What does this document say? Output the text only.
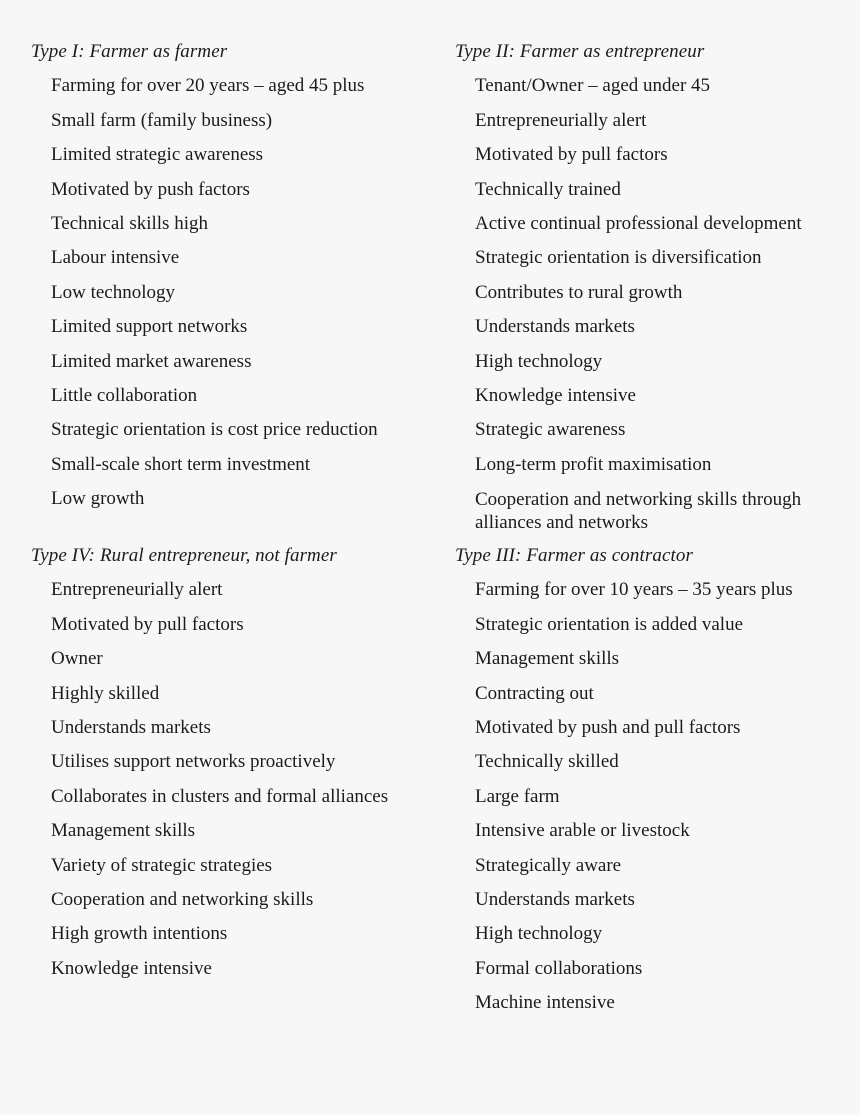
Type I: Farmer as farmer
Farming for over 20 years – aged 45 plus
Small farm (family business)
Limited strategic awareness
Motivated by push factors
Technical skills high
Labour intensive
Low technology
Limited support networks
Limited market awareness
Little collaboration
Strategic orientation is cost price reduction
Small-scale short term investment
Low growth
Type II: Farmer as entrepreneur
Tenant/Owner – aged under 45
Entrepreneurially alert
Motivated by pull factors
Technically trained
Active continual professional development
Strategic orientation is diversification
Contributes to rural growth
Understands markets
High technology
Knowledge intensive
Strategic awareness
Long-term profit maximisation
Cooperation and networking skills through alliances and networks
Type IV: Rural entrepreneur, not farmer
Entrepreneurially alert
Motivated by pull factors
Owner
Highly skilled
Understands markets
Utilises support networks proactively
Collaborates in clusters and formal alliances
Management skills
Variety of strategic strategies
Cooperation and networking skills
High growth intentions
Knowledge intensive
Type III: Farmer as contractor
Farming for over 10 years – 35 years plus
Strategic orientation is added value
Management skills
Contracting out
Motivated by push and pull factors
Technically skilled
Large farm
Intensive arable or livestock
Strategically aware
Understands markets
High technology
Formal collaborations
Machine intensive
